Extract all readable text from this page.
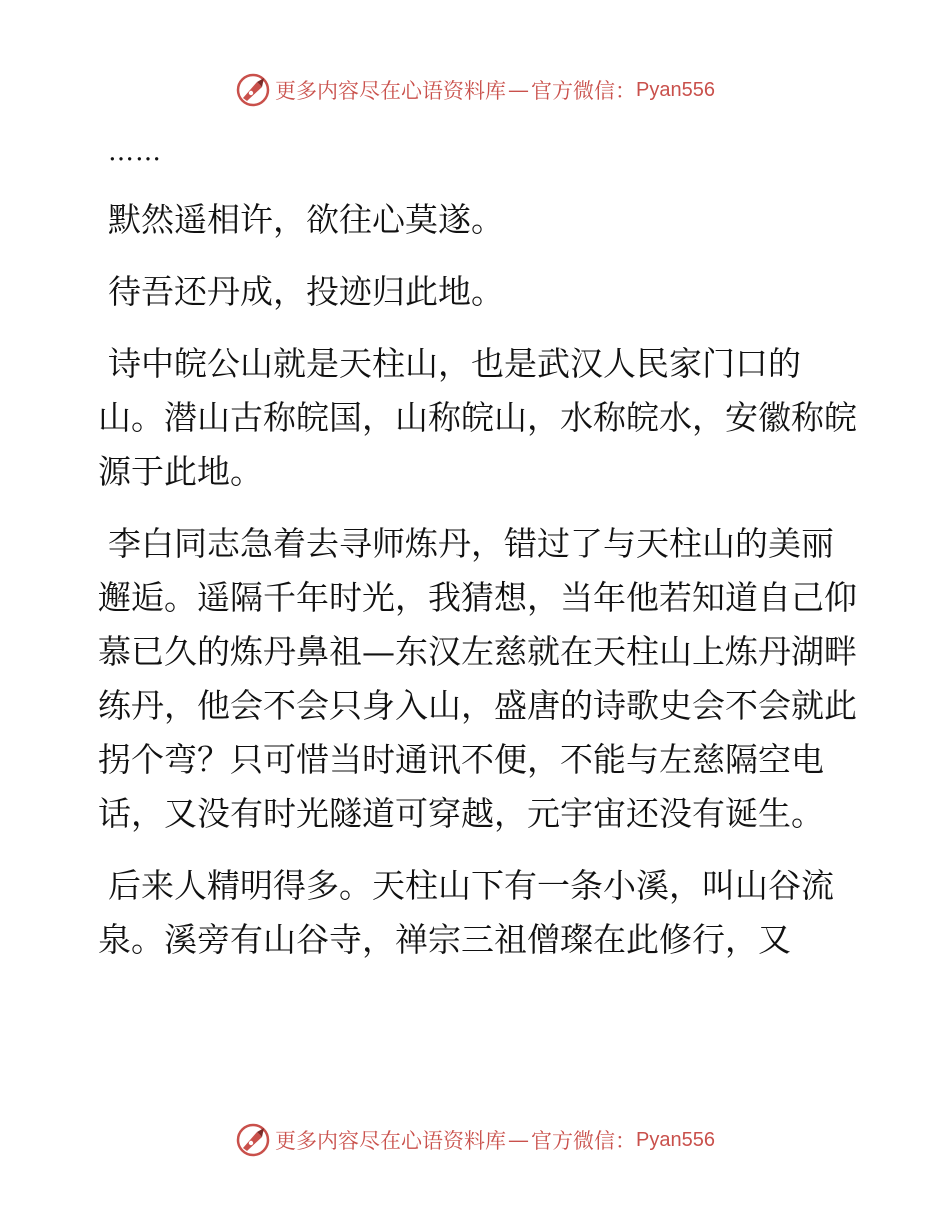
更多内容尽在心语资料库 — 官方微信： Pyan556

……

默然遥相许，欲往心莫遂。

待吾还丹成，投迹归此地。

诗中皖公山就是天柱山，也是武汉人民家门口的山。潜山古称皖国，山称皖山，水称皖水，安徽称皖源于此地。

李白同志急着去寻师炼丹，错过了与天柱山的美丽邂逅。遥隔千年时光，我猜想，当年他若知道自己仰慕已久的炼丹鼻祖—东汉左慈就在天柱山上炼丹湖畔练丹，他会不会只身入山，盛唐的诗歌史会不会就此拐个弯？只可惜当时通讯不便，不能与左慈隔空电话，又没有时光隧道可穿越，元宇宙还没有诞生。

后来人精明得多。天柱山下有一条小溪，叫山谷流泉。溪旁有山谷寺，禅宗三祖僧璨在此修行，又

更多内容尽在心语资料库 — 官方微信： Pyan556
